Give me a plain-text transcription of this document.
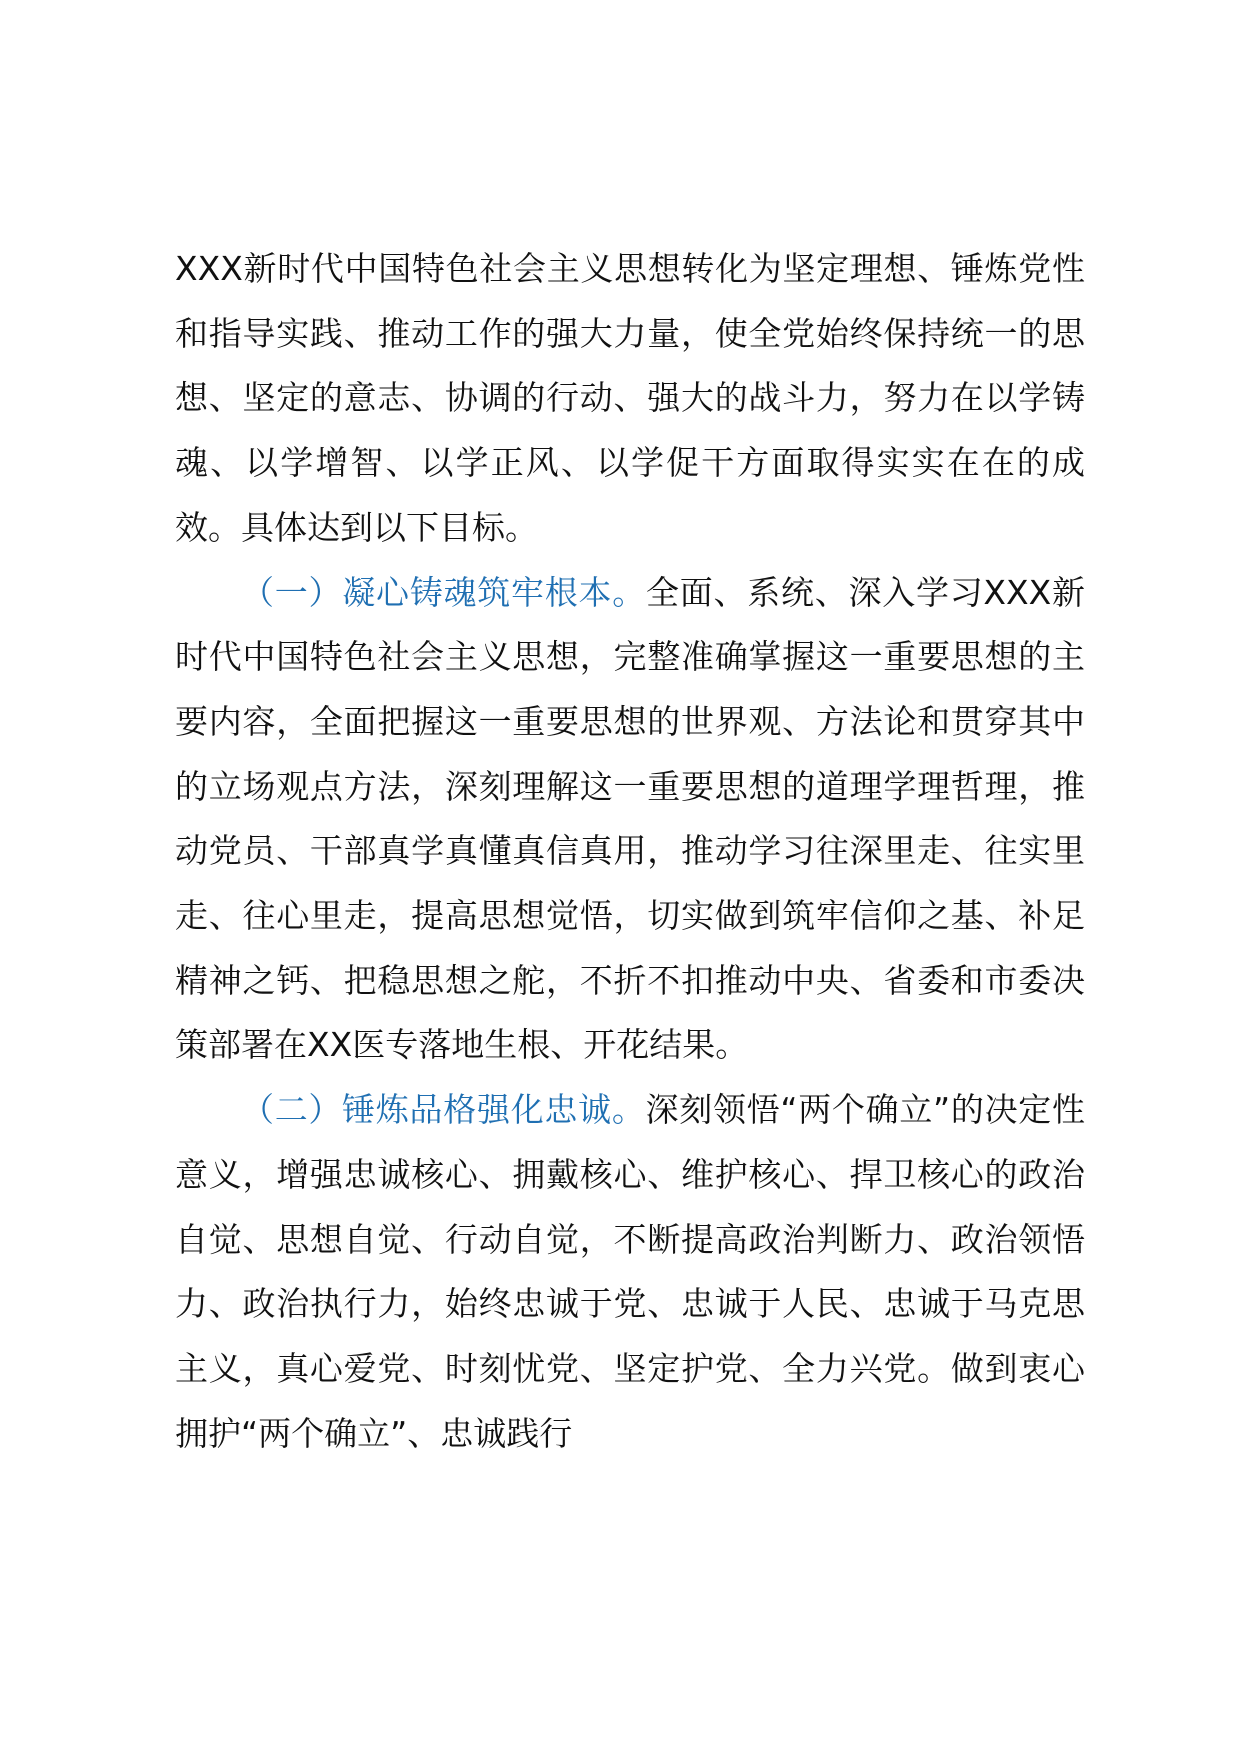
XXX新时代中国特色社会主义思想转化为坚定理想、锤炼党性和指导实践、推动工作的强大力量，使全党始终保持统一的思想、坚定的意志、协调的行动、强大的战斗力，努力在以学铸魂、以学增智、以学正风、以学促干方面取得实实在在的成效。具体达到以下目标。

（一）凝心铸魂筑牢根本。全面、系统、深入学习XXX新时代中国特色社会主义思想，完整准确掌握这一重要思想的主要内容，全面把握这一重要思想的世界观、方法论和贯穿其中的立场观点方法，深刻理解这一重要思想的道理学理哲理，推动党员、干部真学真懂真信真用，推动学习往深里走、往实里走、往心里走，提高思想觉悟，切实做到筑牢信仰之基、补足精神之钙、把稳思想之舵，不折不扣推动中央、省委和市委决策部署在XX医专落地生根、开花结果。

（二）锤炼品格强化忠诚。深刻领悟“两个确立”的决定性意义，增强忠诚核心、拥戴核心、维护核心、捍卫核心的政治自觉、思想自觉、行动自觉，不断提高政治判断力、政治领悟力、政治执行力，始终忠诚于党、忠诚于人民、忠诚于马克思主义，真心爱党、时刻忧党、坚定护党、全力兴党。做到衷心拥护“两个确立”、忠诚践行
